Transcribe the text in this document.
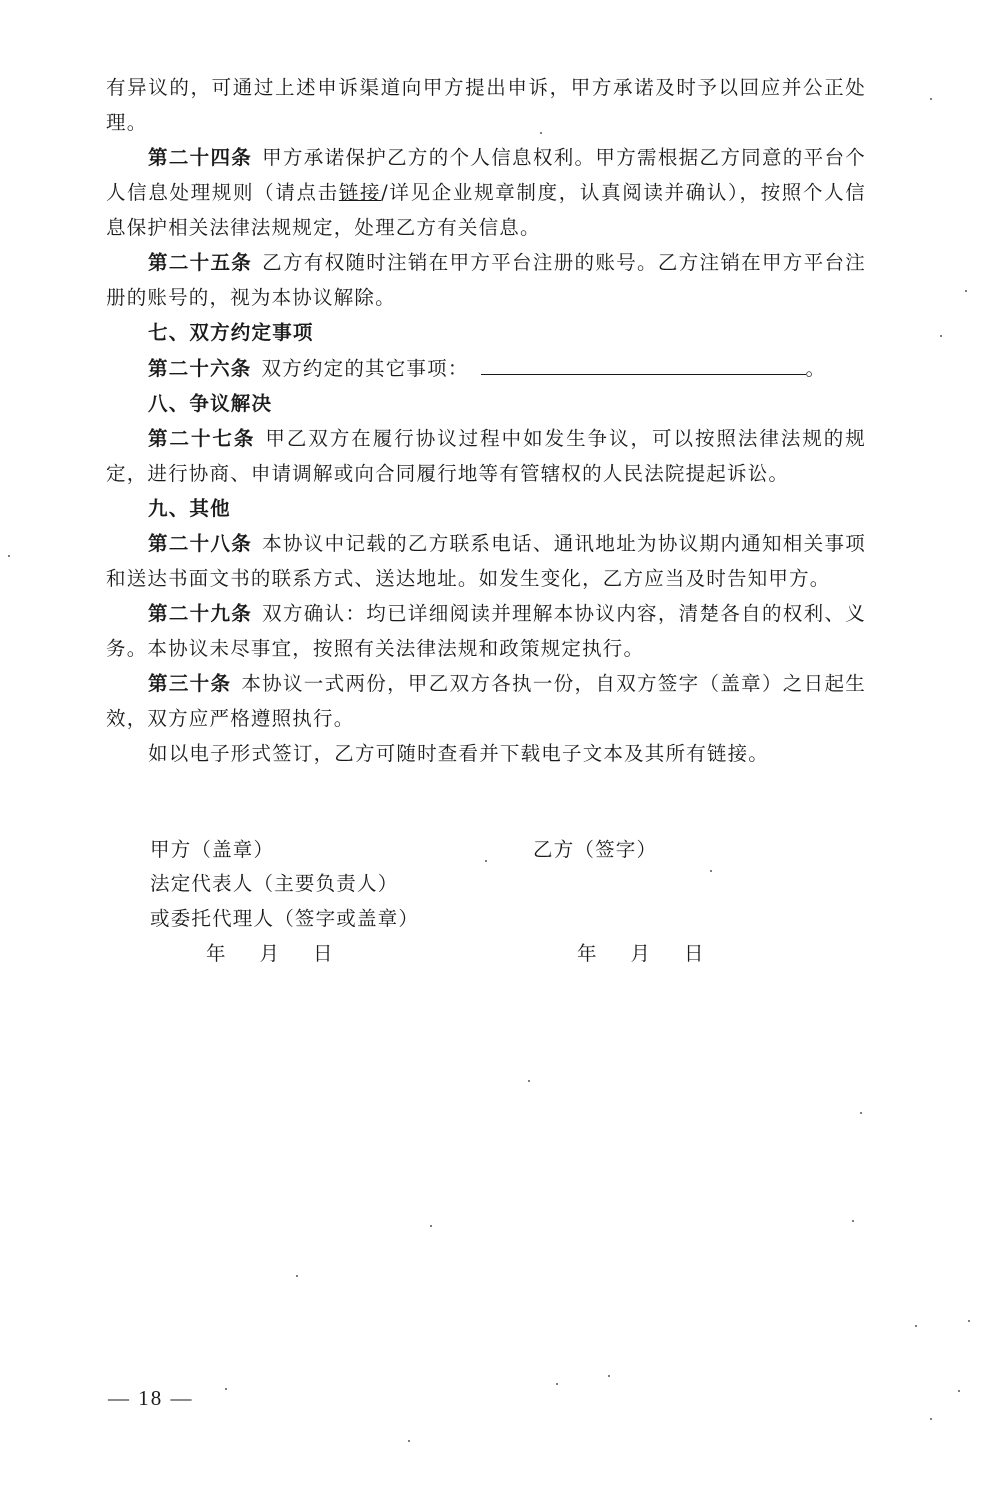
有异议的，可通过上述申诉渠道向甲方提出申诉，甲方承诺及时予以回应并公正处理。

第二十四条 甲方承诺保护乙方的个人信息权利。甲方需根据乙方同意的平台个人信息处理规则（请点击链接/详见企业规章制度，认真阅读并确认），按照个人信息保护相关法律法规规定，处理乙方有关信息。

第二十五条 乙方有权随时注销在甲方平台注册的账号。乙方注销在甲方平台注册的账号的，视为本协议解除。

七、双方约定事项

第二十六条 双方约定的其它事项：	。

八、争议解决

第二十七条 甲乙双方在履行协议过程中如发生争议，可以按照法律法规的规定，进行协商、申请调解或向合同履行地等有管辖权的人民法院提起诉讼。

九、其他

第二十八条 本协议中记载的乙方联系电话、通讯地址为协议期内通知相关事项和送达书面文书的联系方式、送达地址。如发生变化，乙方应当及时告知甲方。

第二十九条 双方确认：均已详细阅读并理解本协议内容，清楚各自的权利、义务。本协议未尽事宜，按照有关法律法规和政策规定执行。

第三十条 本协议一式两份，甲乙双方各执一份，自双方签字（盖章）之日起生效，双方应严格遵照执行。

如以电子形式签订，乙方可随时查看并下载电子文本及其所有链接。

甲方（盖章）	乙方（签字）
法定代表人（主要负责人）
或委托代理人（签字或盖章）
年 月 日	年 月 日
— 18 —
